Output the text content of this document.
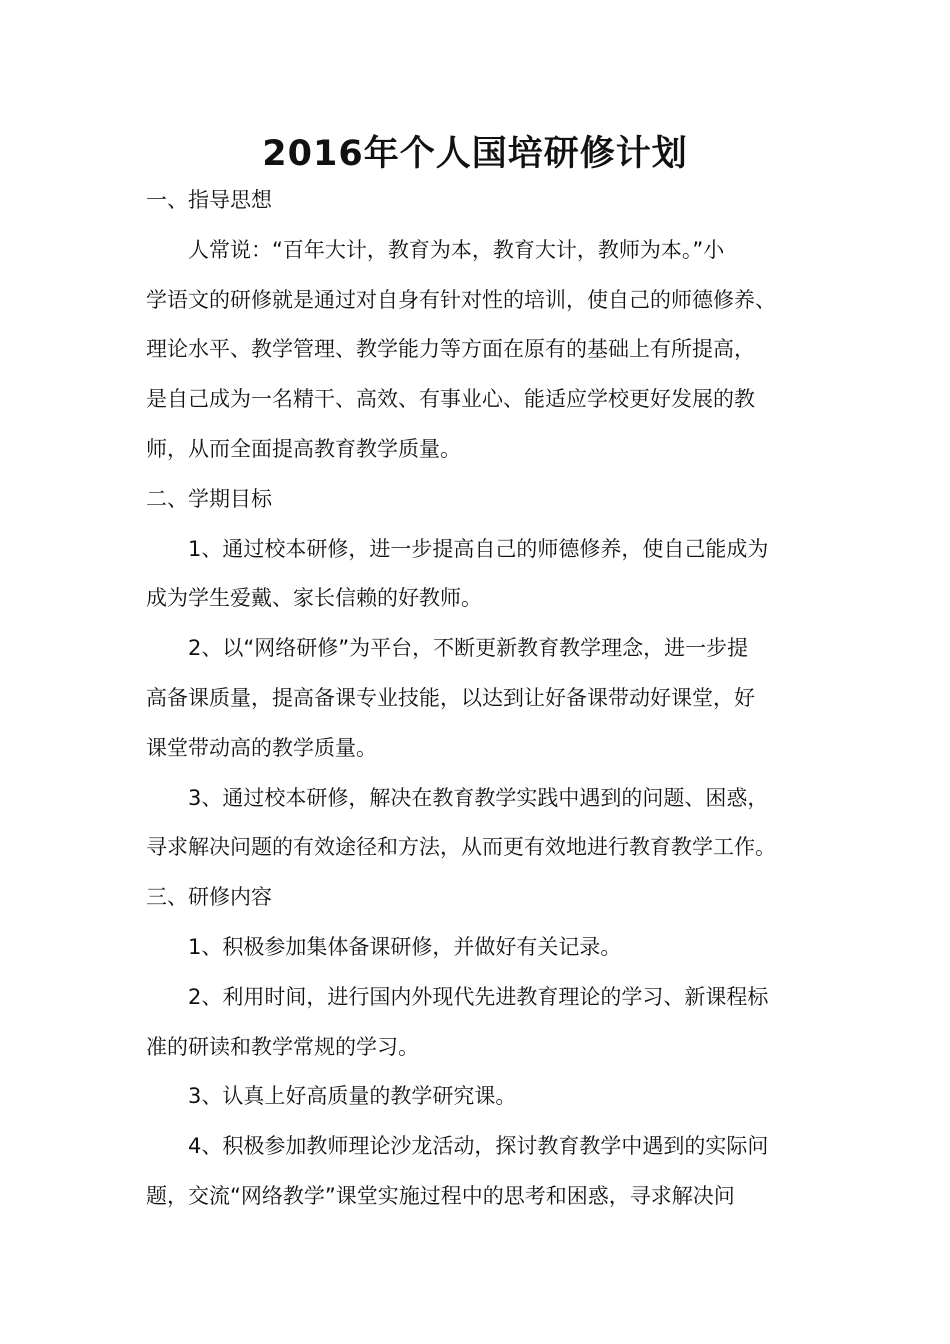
2016年个人国培研修计划
一、指导思想
人常说：“百年大计，教育为本，教育大计，教师为本。”小
学语文的研修就是通过对自身有针对性的培训，使自己的师德修养、
理论水平、教学管理、教学能力等方面在原有的基础上有所提高，
是自己成为一名精干、高效、有事业心、能适应学校更好发展的教
师，从而全面提高教育教学质量。
二、学期目标
1、通过校本研修，进一步提高自己的师德修养，使自己能成为
成为学生爱戴、家长信赖的好教师。
2、以“网络研修”为平台，不断更新教育教学理念，进一步提
高备课质量，提高备课专业技能，以达到让好备课带动好课堂，好
课堂带动高的教学质量。
3、通过校本研修，解决在教育教学实践中遇到的问题、困惑，
寻求解决问题的有效途径和方法，从而更有效地进行教育教学工作。
三、研修内容
1、积极参加集体备课研修，并做好有关记录。
2、利用时间，进行国内外现代先进教育理论的学习、新课程标
准的研读和教学常规的学习。
3、认真上好高质量的教学研究课。
4、积极参加教师理论沙龙活动，探讨教育教学中遇到的实际问
题，交流“网络教学”课堂实施过程中的思考和困惑，寻求解决问
